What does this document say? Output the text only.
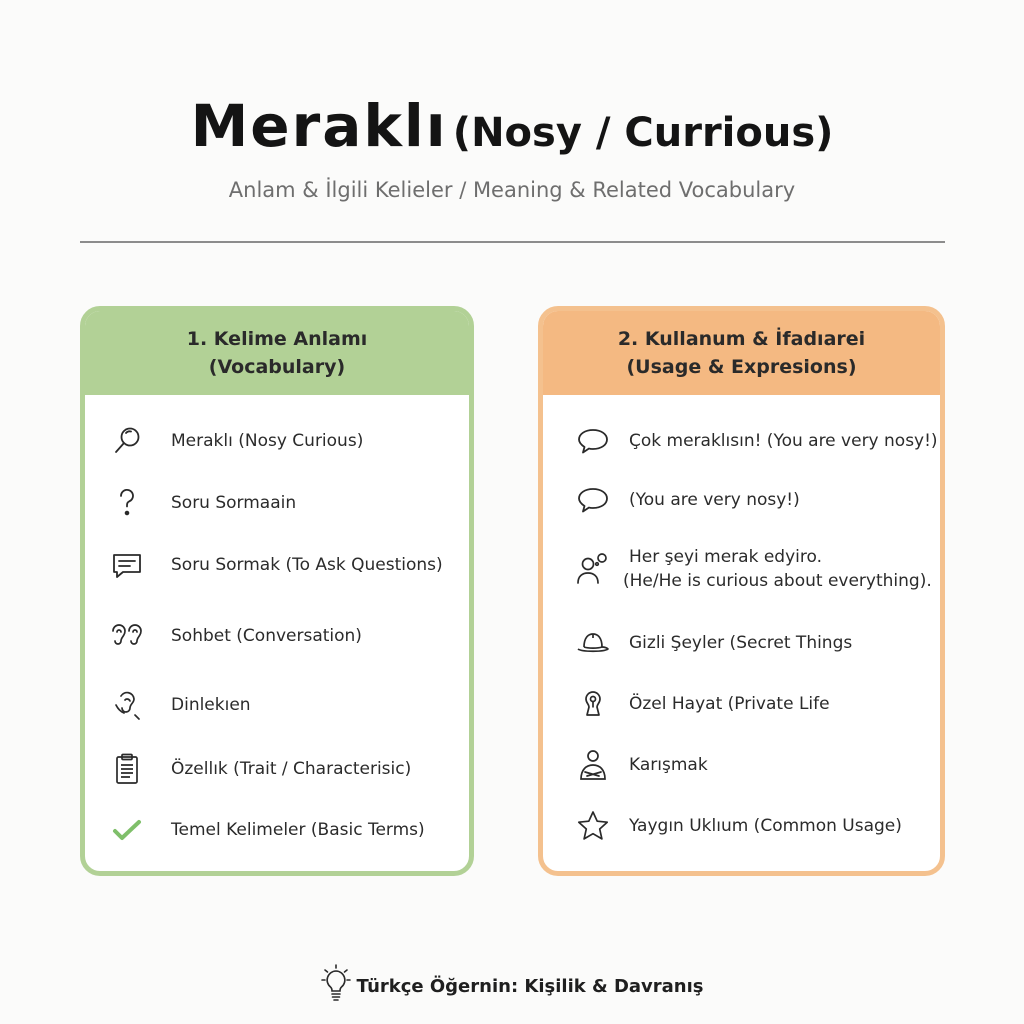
Meraklı (Nosy / Currious)
Anlam & İlgili Kelieler / Meaning & Related Vocabulary
1. Kelime Anlamı
(Vocabulary)
Meraklı (Nosy Curious)
Soru Sormaain
Soru Sormak (To Ask Questions)
Sohbet (Conversation)
Dinlekıen
Özellık (Trait / Characterisic)
Temel Kelimeler (Basic Terms)
2. Kullanum & İfadıarei
(Usage & Expresions)
Çok meraklısın! (You are very nosy!)
(You are very nosy!)
Her şeyi merak edyiro.
(He/He is curious about everything).
Gizli Şeyler (Secret Things
Özel Hayat (Private Life
Karışmak
Yaygın Uklıum (Common Usage)
Türkçe Öğernin: Kişilik & Davranış
